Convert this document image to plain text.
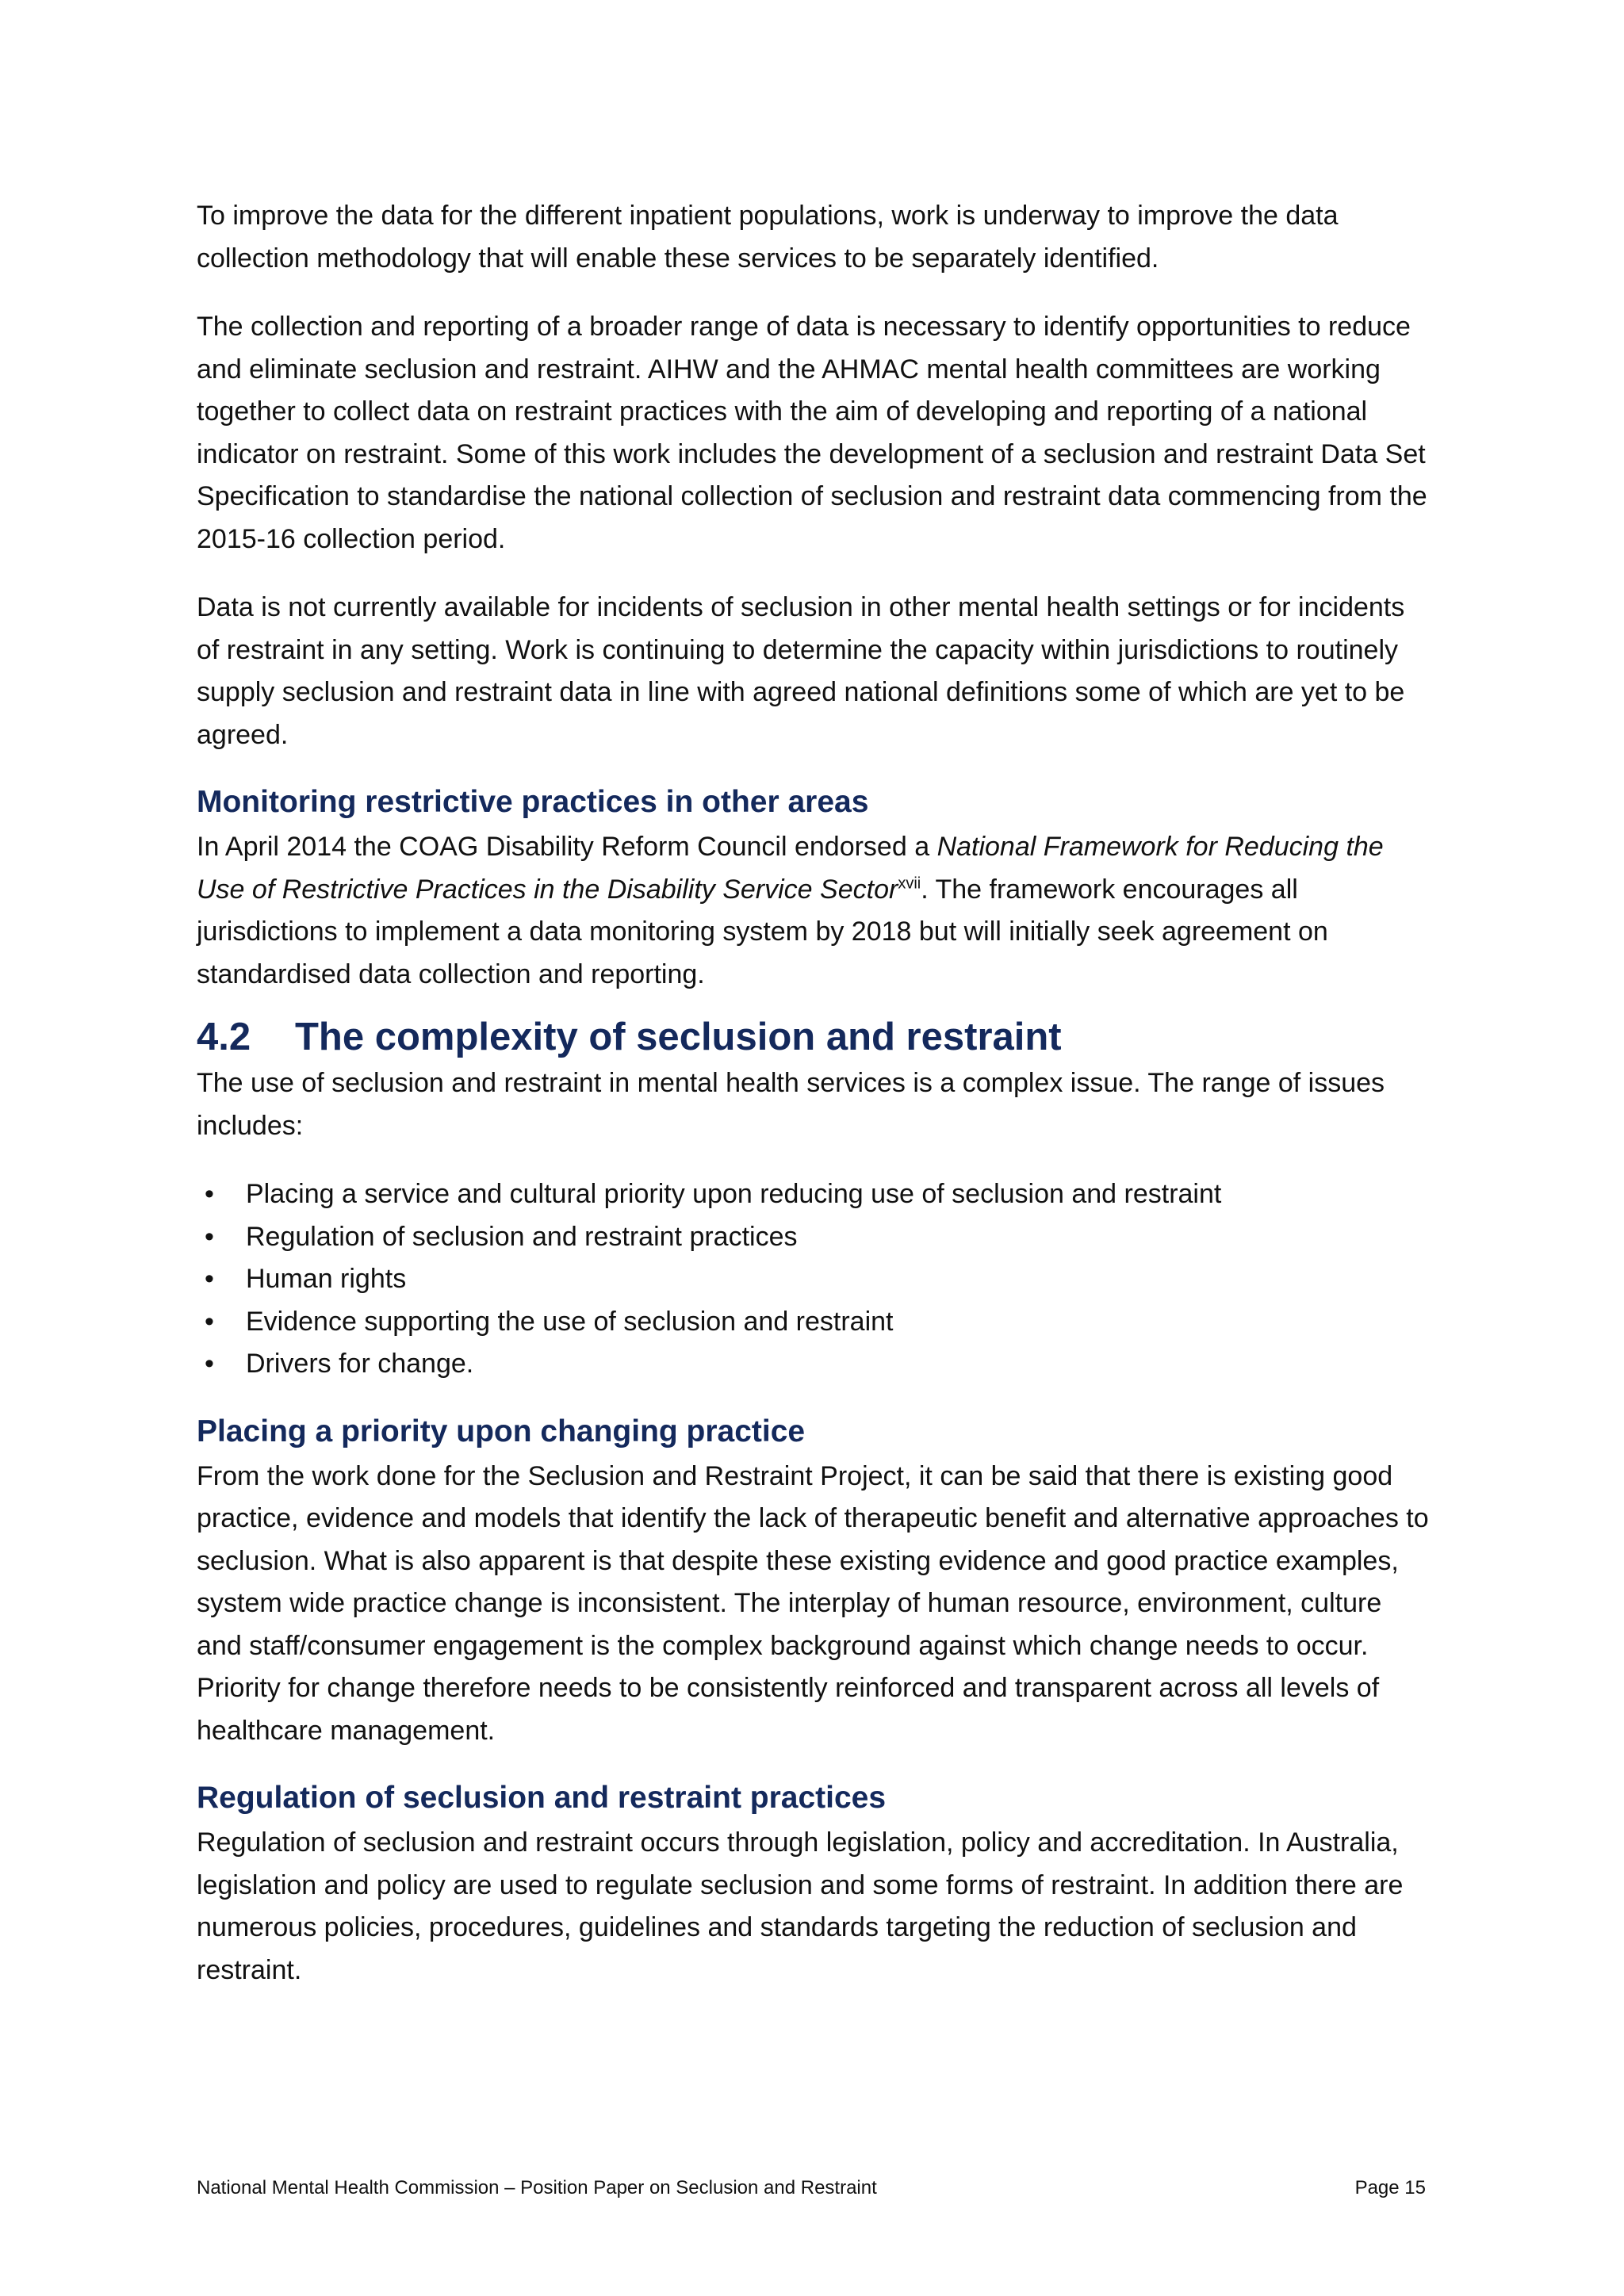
To improve the data for the different inpatient populations, work is underway to improve the data collection methodology that will enable these services to be separately identified.

The collection and reporting of a broader range of data is necessary to identify opportunities to reduce and eliminate seclusion and restraint. AIHW and the AHMAC mental health committees are working together to collect data on restraint practices with the aim of developing and reporting of a national indicator on restraint. Some of this work includes the development of a seclusion and restraint Data Set Specification to standardise the national collection of seclusion and restraint data commencing from the 2015-16 collection period.

Data is not currently available for incidents of seclusion in other mental health settings or for incidents of restraint in any setting. Work is continuing to determine the capacity within jurisdictions to routinely supply seclusion and restraint data in line with agreed national definitions some of which are yet to be agreed.

Monitoring restrictive practices in other areas

In April 2014 the COAG Disability Reform Council endorsed a National Framework for Reducing the Use of Restrictive Practices in the Disability Service Sector$^{xvii}$. The framework encourages all jurisdictions to implement a data monitoring system by 2018 but will initially seek agreement on standardised data collection and reporting.

4.2 The complexity of seclusion and restraint

The use of seclusion and restraint in mental health services is a complex issue. The range of issues includes:

• Placing a service and cultural priority upon reducing use of seclusion and restraint
• Regulation of seclusion and restraint practices
• Human rights
• Evidence supporting the use of seclusion and restraint
• Drivers for change.
Placing a priority upon changing practice

From the work done for the Seclusion and Restraint Project, it can be said that there is existing good practice, evidence and models that identify the lack of therapeutic benefit and alternative approaches to seclusion. What is also apparent is that despite these existing evidence and good practice examples, system wide practice change is inconsistent. The interplay of human resource, environment, culture and staff/consumer engagement is the complex background against which change needs to occur. Priority for change therefore needs to be consistently reinforced and transparent across all levels of healthcare management.

Regulation of seclusion and restraint practices

Regulation of seclusion and restraint occurs through legislation, policy and accreditation. In Australia, legislation and policy are used to regulate seclusion and some forms of restraint. In addition there are numerous policies, procedures, guidelines and standards targeting the reduction of seclusion and restraint.

National Mental Health Commission – Position Paper on Seclusion and Restraint	Page 15
